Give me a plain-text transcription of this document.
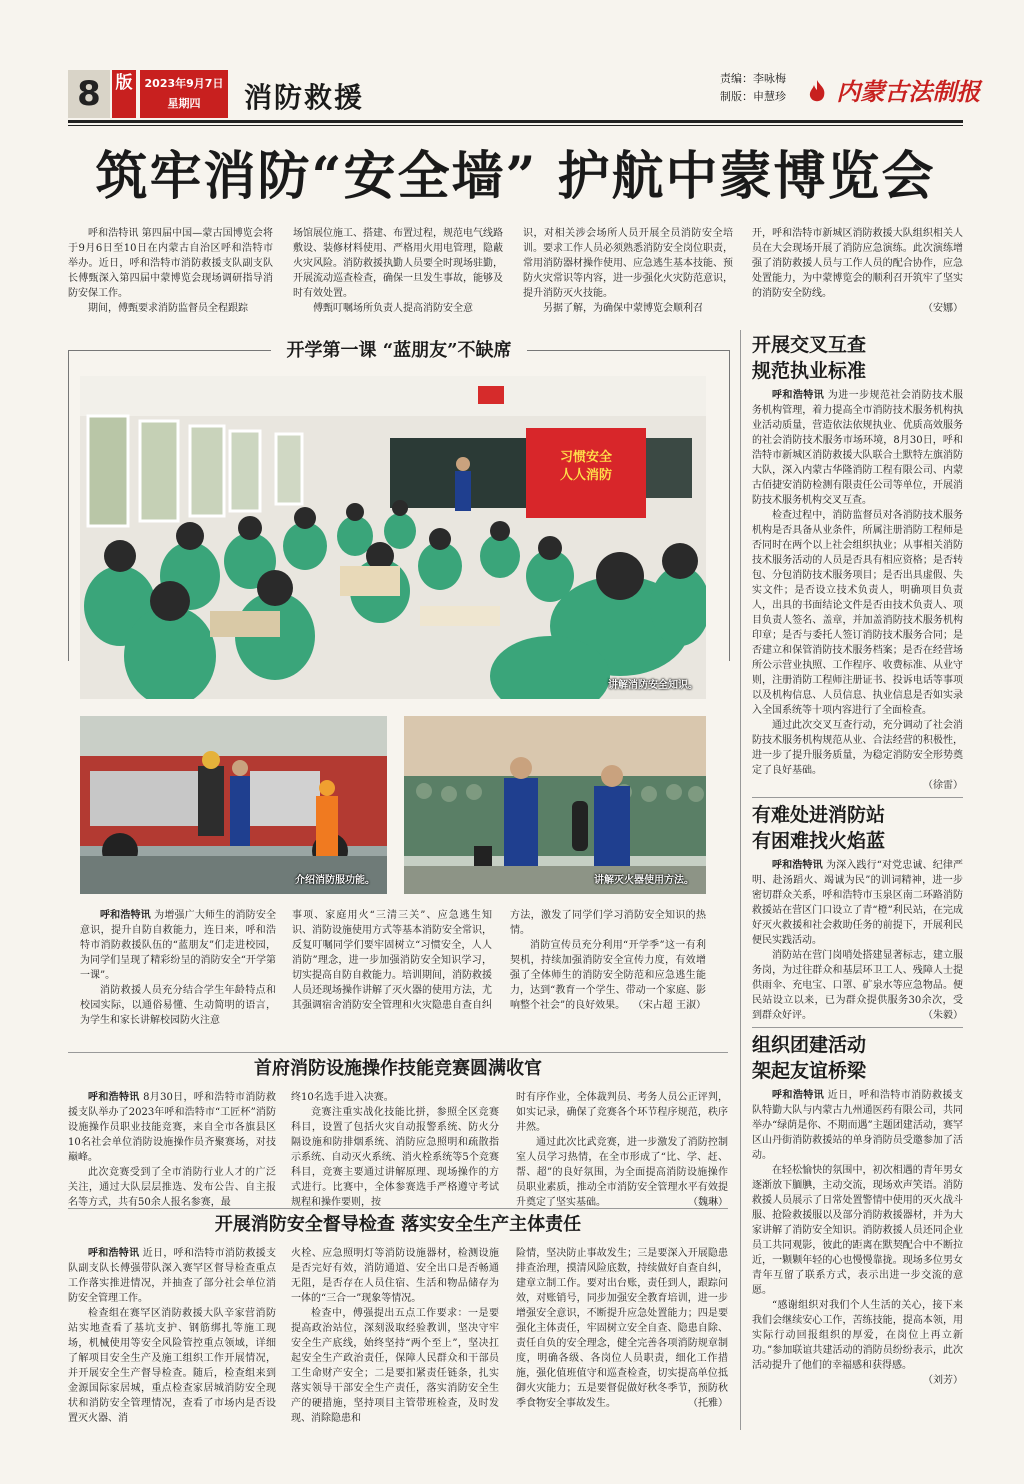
8 版	2023年9月7日
星期四	消防救援
责编：李咏梅
制版：申慧珍	内蒙古法制报
筑牢消防“安全墙” 护航中蒙博览会

呼和浩特讯 第四届中国—蒙古国博览会将于9月6日至10日在内蒙古自治区呼和浩特市举办。近日，呼和浩特市消防救援支队副支队长傅甄深入第四届中蒙博览会现场调研指导消防安保工作。

期间，傅甄要求消防监督员全程跟踪

场馆展位施工、搭建、布置过程，规范电气线路敷设、装修材料使用、严格用火用电管理，隐蔽火灾风险。消防救援执勤人员要全时现场驻勤，开展流动巡查检查，确保一旦发生事故，能够及时有效处置。

傅甄叮嘱场所负责人提高消防安全意

识，对相关涉会场所人员开展全员消防安全培训。要求工作人员必须熟悉消防安全岗位职责，常用消防器材操作使用、应急逃生基本技能、预防火灾常识等内容，进一步强化火灾防范意识，提升消防灭火技能。

另据了解，为确保中蒙博览会顺利召

开，呼和浩特市新城区消防救援大队组织相关人员在大会现场开展了消防应急演练。此次演练增强了消防救援人员与工作人员的配合协作，应急处置能力，为中蒙博览会的顺利召开筑牢了坚实的消防安全防线。

（安娜）
开学第一课 “蓝朋友”不缺席
习惯安全
人人消防
讲解消防安全知识。
介绍消防服功能。	讲解灭火器使用方法。

呼和浩特讯 为增强广大师生的消防安全意识，提升自防自救能力，连日来，呼和浩特市消防救援队伍的“蓝朋友”们走进校园，为同学们呈现了精彩纷呈的消防安全“开学第一课”。

消防救援人员充分结合学生年龄特点和校园实际，以通俗易懂、生动简明的语言，为学生和家长讲解校园防火注意

事项、家庭用火“三清三关”、应急逃生知识、消防设施使用方式等基本消防安全常识，反复叮嘱同学们要牢固树立“习惯安全，人人消防”理念，进一步加强消防安全知识学习，切实提高自防自救能力。培训期间，消防救援人员还现场操作讲解了灭火器的使用方法，尤其强调宿舍消防安全管理和火灾隐患自查自纠

方法，激发了同学们学习消防安全知识的热情。

消防宣传员充分利用“开学季”这一有利契机，持续加强消防安全宣传力度，有效增强了全体师生的消防安全防范和应急逃生能力，达到“教育一个学生、带动一个家庭、影响整个社会”的良好效果。 （宋占超 王淑）
首府消防设施操作技能竞赛圆满收官

呼和浩特讯 8月30日，呼和浩特市消防救援支队举办了2023年呼和浩特市“工匠杯”消防设施操作员职业技能竞赛，来自全市各旗县区10名社会单位消防设施操作员齐聚赛场，对技巅峰。

此次竞赛受到了全市消防行业人才的广泛关注，通过大队层层推选、发布公告、自主报名等方式，共有50余人报名参赛，最

终10名选手进入决赛。

竞赛注重实战化技能比拼，参照全区竞赛科目，设置了包括火灾自动报警系统、防火分隔设施和防排烟系统、消防应急照明和疏散指示系统、自动灭火系统、消火栓系统等5个竞赛科目，竞赛主要通过讲解原理、现场操作的方式进行。比赛中，全体参赛选手严格遵守考试规程和操作要则，按

时有序作业，全体裁判员、考务人员公正评判，如实记录，确保了竞赛各个环节程序规范，秩序井然。

通过此次比武竞赛，进一步激发了消防控制室人员学习热情，在全市形成了“比、学、赶、帮、超”的良好氛围，为全面提高消防设施操作员职业素质，推动全市消防安全管理水平有效提升奠定了坚实基础。	（魏琳）
开展消防安全督导检查 落实安全生产主体责任

呼和浩特讯 近日，呼和浩特市消防救援支队副支队长傅强带队深入赛罕区督导检查重点工作落实推进情况，并抽查了部分社会单位消防安全管理工作。

检查组在赛罕区消防救援大队辛家营消防站实地查看了基坑支护、钢筋绑扎等施工现场，机械使用等安全风险管控重点领域，详细了解项目安全生产及施工组织工作开展情况，并开展安全生产督导检查。随后，检查组来到金源国际家居城，重点检查家居城消防安全现状和消防安全管理情况，查看了市场内是否设置灭火器、消

火栓、应急照明灯等消防设施器材，检测设施是否完好有效，消防通道、安全出口是否畅通无阻，是否存在人员住宿、生活和物品储存为一体的“三合一”现象等情况。

检查中，傅强提出五点工作要求：一是要提高政治站位，深刻汲取经验教训，坚决守牢安全生产底线，始终坚持“两个至上”，坚决扛起安全生产政治责任，保障人民群众和干部员工生命财产安全；二是要扣紧责任链条，扎实落实领导干部安全生产责任，落实消防安全生产的硬措施，坚持项目主管带班检查，及时发现、消除隐患和

险情，坚决防止事故发生；三是要深入开展隐患排查治理，摸清风险底数，持续做好自查自纠，建章立制工作。要对出台账，责任到人，跟踪问效，对账销号，同步加强安全教育培训，进一步增强安全意识，不断提升应急处置能力；四是要强化主体责任，牢固树立安全自查、隐患自除、责任自负的安全理念，健全完善各项消防规章制度，明确各级、各岗位人员职责，细化工作措施，强化值班值守和巡查检查，切实提高单位抵御火灾能力；五是要督促做好秋冬季节，预防秋季食物安全事故发生。	（托雅）
开展交叉互查
规范执业标准

呼和浩特讯 为进一步规范社会消防技术服务机构管理，着力提高全市消防技术服务机构执业活动质量，营造依法依规执业、优质高效服务的社会消防技术服务市场环境，8月30日，呼和浩特市新城区消防救援大队联合土默特左旗消防大队，深入内蒙古华隆消防工程有限公司、内蒙古佰捷安消防检测有限责任公司等单位，开展消防技术服务机构交叉互查。

检查过程中，消防监督员对各消防技术服务机构是否具备从业条件，所属注册消防工程师是否同时在两个以上社会组织执业；从事相关消防技术服务活动的人员是否具有相应资格；是否转包、分包消防技术服务项目；是否出具虚假、失实文件；是否设立技术负责人，明确项目负责人，出具的书面结论文件是否由技术负责人、项目负责人签名、盖章，并加盖消防技术服务机构印章；是否与委托人签订消防技术服务合同；是否建立和保管消防技术服务档案；是否在经营场所公示营业执照、工作程序、收费标准、从业守则，注册消防工程师注册证书、投诉电话等事项以及机构信息、人员信息、执业信息是否如实录入全国系统等十项内容进行了全面检查。

通过此次交叉互查行动，充分调动了社会消防技术服务机构规范从业、合法经营的积极性，进一步了提升服务质量，为稳定消防安全形势奠定了良好基础。

（徐雷）
有难处进消防站
有困难找火焰蓝

呼和浩特讯 为深入践行“对党忠诚、纪律严明、赴汤蹈火、竭诚为民”的训词精神，进一步密切群众关系，呼和浩特市玉泉区南二环路消防救援站在营区门口设立了青“橙”利民站，在完成好灭火救援和社会救助任务的前提下，开展利民便民实践活动。

消防站在营门岗哨处搭建显著标志，建立服务岗，为过往群众和基层环卫工人、残障人士提供雨伞、充电宝、口罩、矿泉水等应急物品。便民站设立以来，已为群众提供服务30余次，受到群众好评。	（朱毅）
组织团建活动
架起友谊桥梁

呼和浩特讯 近日，呼和浩特市消防救援支队特勤大队与内蒙古九州通医药有限公司，共同举办“绿荫是你、不期而遇”主题团建活动，赛罕区山丹街消防救援站的单身消防员受邀参加了活动。

在轻松愉快的氛围中，初次相遇的青年男女逐渐放下腼腆，主动交流，现场欢声笑语。消防救援人员展示了日常处置警情中使用的灭火战斗服、抢险救援服以及部分消防救援器材，并为大家讲解了消防安全知识。消防救援人员还同企业员工共同观影，彼此的距离在默契配合中不断拉近，一颗颗年轻的心也慢慢靠拢。现场多位男女青年互留了联系方式，表示出进一步交流的意愿。

“感谢组织对我们个人生活的关心，接下来我们会继续安心工作，苦练技能，提高本领，用实际行动回报组织的厚爱，在岗位上再立新功。”参加联谊共建活动的消防员纷纷表示，此次活动提升了他们的幸福感和获得感。

（刘芳）
